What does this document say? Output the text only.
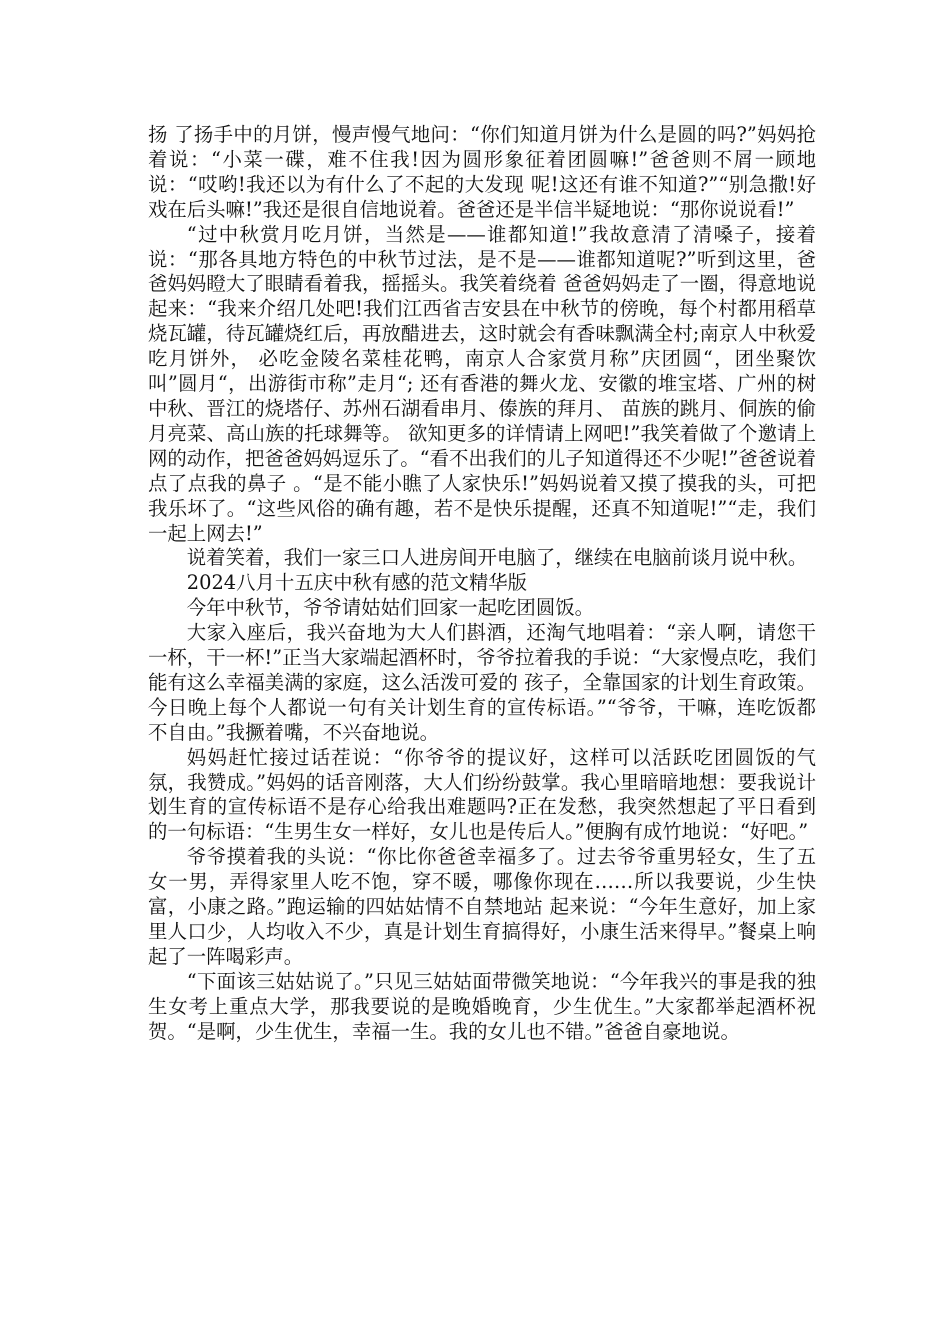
扬 了扬手中的月饼，慢声慢气地问：“你们知道月饼为什么是圆的吗?”妈妈抢着说：“小菜一碟，难不住我!因为圆形象征着团圆嘛!”爸爸则不屑一顾地说：“哎哟!我还以为有什么了不起的大发现 呢!这还有谁不知道?”“别急撒!好戏在后头嘛!”我还是很自信地说着。爸爸还是半信半疑地说：“那你说说看!”

“过中秋赏月吃月饼，当然是——谁都知道!”我故意清了清嗓子，接着说：“那各具地方特色的中秋节过法，是不是——谁都知道呢?”听到这里，爸爸妈妈瞪大了眼睛看着我，摇摇头。我笑着绕着 爸爸妈妈走了一圈，得意地说起来：“我来介绍几处吧!我们江西省吉安县在中秋节的傍晚，每个村都用稻草烧瓦罐，待瓦罐烧红后，再放醋进去，这时就会有香味飘满全村;南京人中秋爱吃月饼外， 必吃金陵名菜桂花鸭，南京人合家赏月称”庆团圆“，团坐聚饮叫”圆月“，出游街市称”走月“; 还有香港的舞火龙、安徽的堆宝塔、广州的树中秋、晋江的烧塔仔、苏州石湖看串月、傣族的拜月、 苗族的跳月、侗族的偷月亮菜、高山族的托球舞等。 欲知更多的详情请上网吧!”我笑着做了个邀请上网的动作，把爸爸妈妈逗乐了。“看不出我们的儿子知道得还不少呢!”爸爸说着点了点我的鼻子 。“是不能小瞧了人家快乐!”妈妈说着又摸了摸我的头，可把我乐坏了。“这些风俗的确有趣，若不是快乐提醒，还真不知道呢!”“走，我们一起上网去!”

说着笑着，我们一家三口人进房间开电脑了，继续在电脑前谈月说中秋。

2024八月十五庆中秋有感的范文精华版

今年中秋节，爷爷请姑姑们回家一起吃团圆饭。

大家入座后，我兴奋地为大人们斟酒，还淘气地唱着：“亲人啊，请您干一杯，干一杯!”正当大家端起酒杯时，爷爷拉着我的手说：“大家慢点吃，我们能有这么幸福美满的家庭，这么活泼可爱的 孩子，全靠国家的计划生育政策。今日晚上每个人都说一句有关计划生育的宣传标语。”“爷爷，干嘛，连吃饭都不自由。”我撅着嘴，不兴奋地说。

妈妈赶忙接过话茬说：“你爷爷的提议好，这样可以活跃吃团圆饭的气氛，我赞成。”妈妈的话音刚落，大人们纷纷鼓掌。我心里暗暗地想：要我说计划生育的宣传标语不是存心给我出难题吗?正在发愁，我突然想起了平日看到的一句标语：“生男生女一样好，女儿也是传后人。”便胸有成竹地说：“好吧。”

爷爷摸着我的头说：“你比你爸爸幸福多了。过去爷爷重男轻女，生了五女一男，弄得家里人吃不饱，穿不暖，哪像你现在……所以我要说，少生快富，小康之路。”跑运输的四姑姑情不自禁地站 起来说：“今年生意好，加上家里人口少，人均收入不少，真是计划生育搞得好，小康生活来得早。”餐桌上响起了一阵喝彩声。

“下面该三姑姑说了。”只见三姑姑面带微笑地说：“今年我兴的事是我的独生女考上重点大学，那我要说的是晚婚晚育，少生优生。”大家都举起酒杯祝贺。“是啊，少生优生，幸福一生。我的女儿也不错。”爸爸自豪地说。
